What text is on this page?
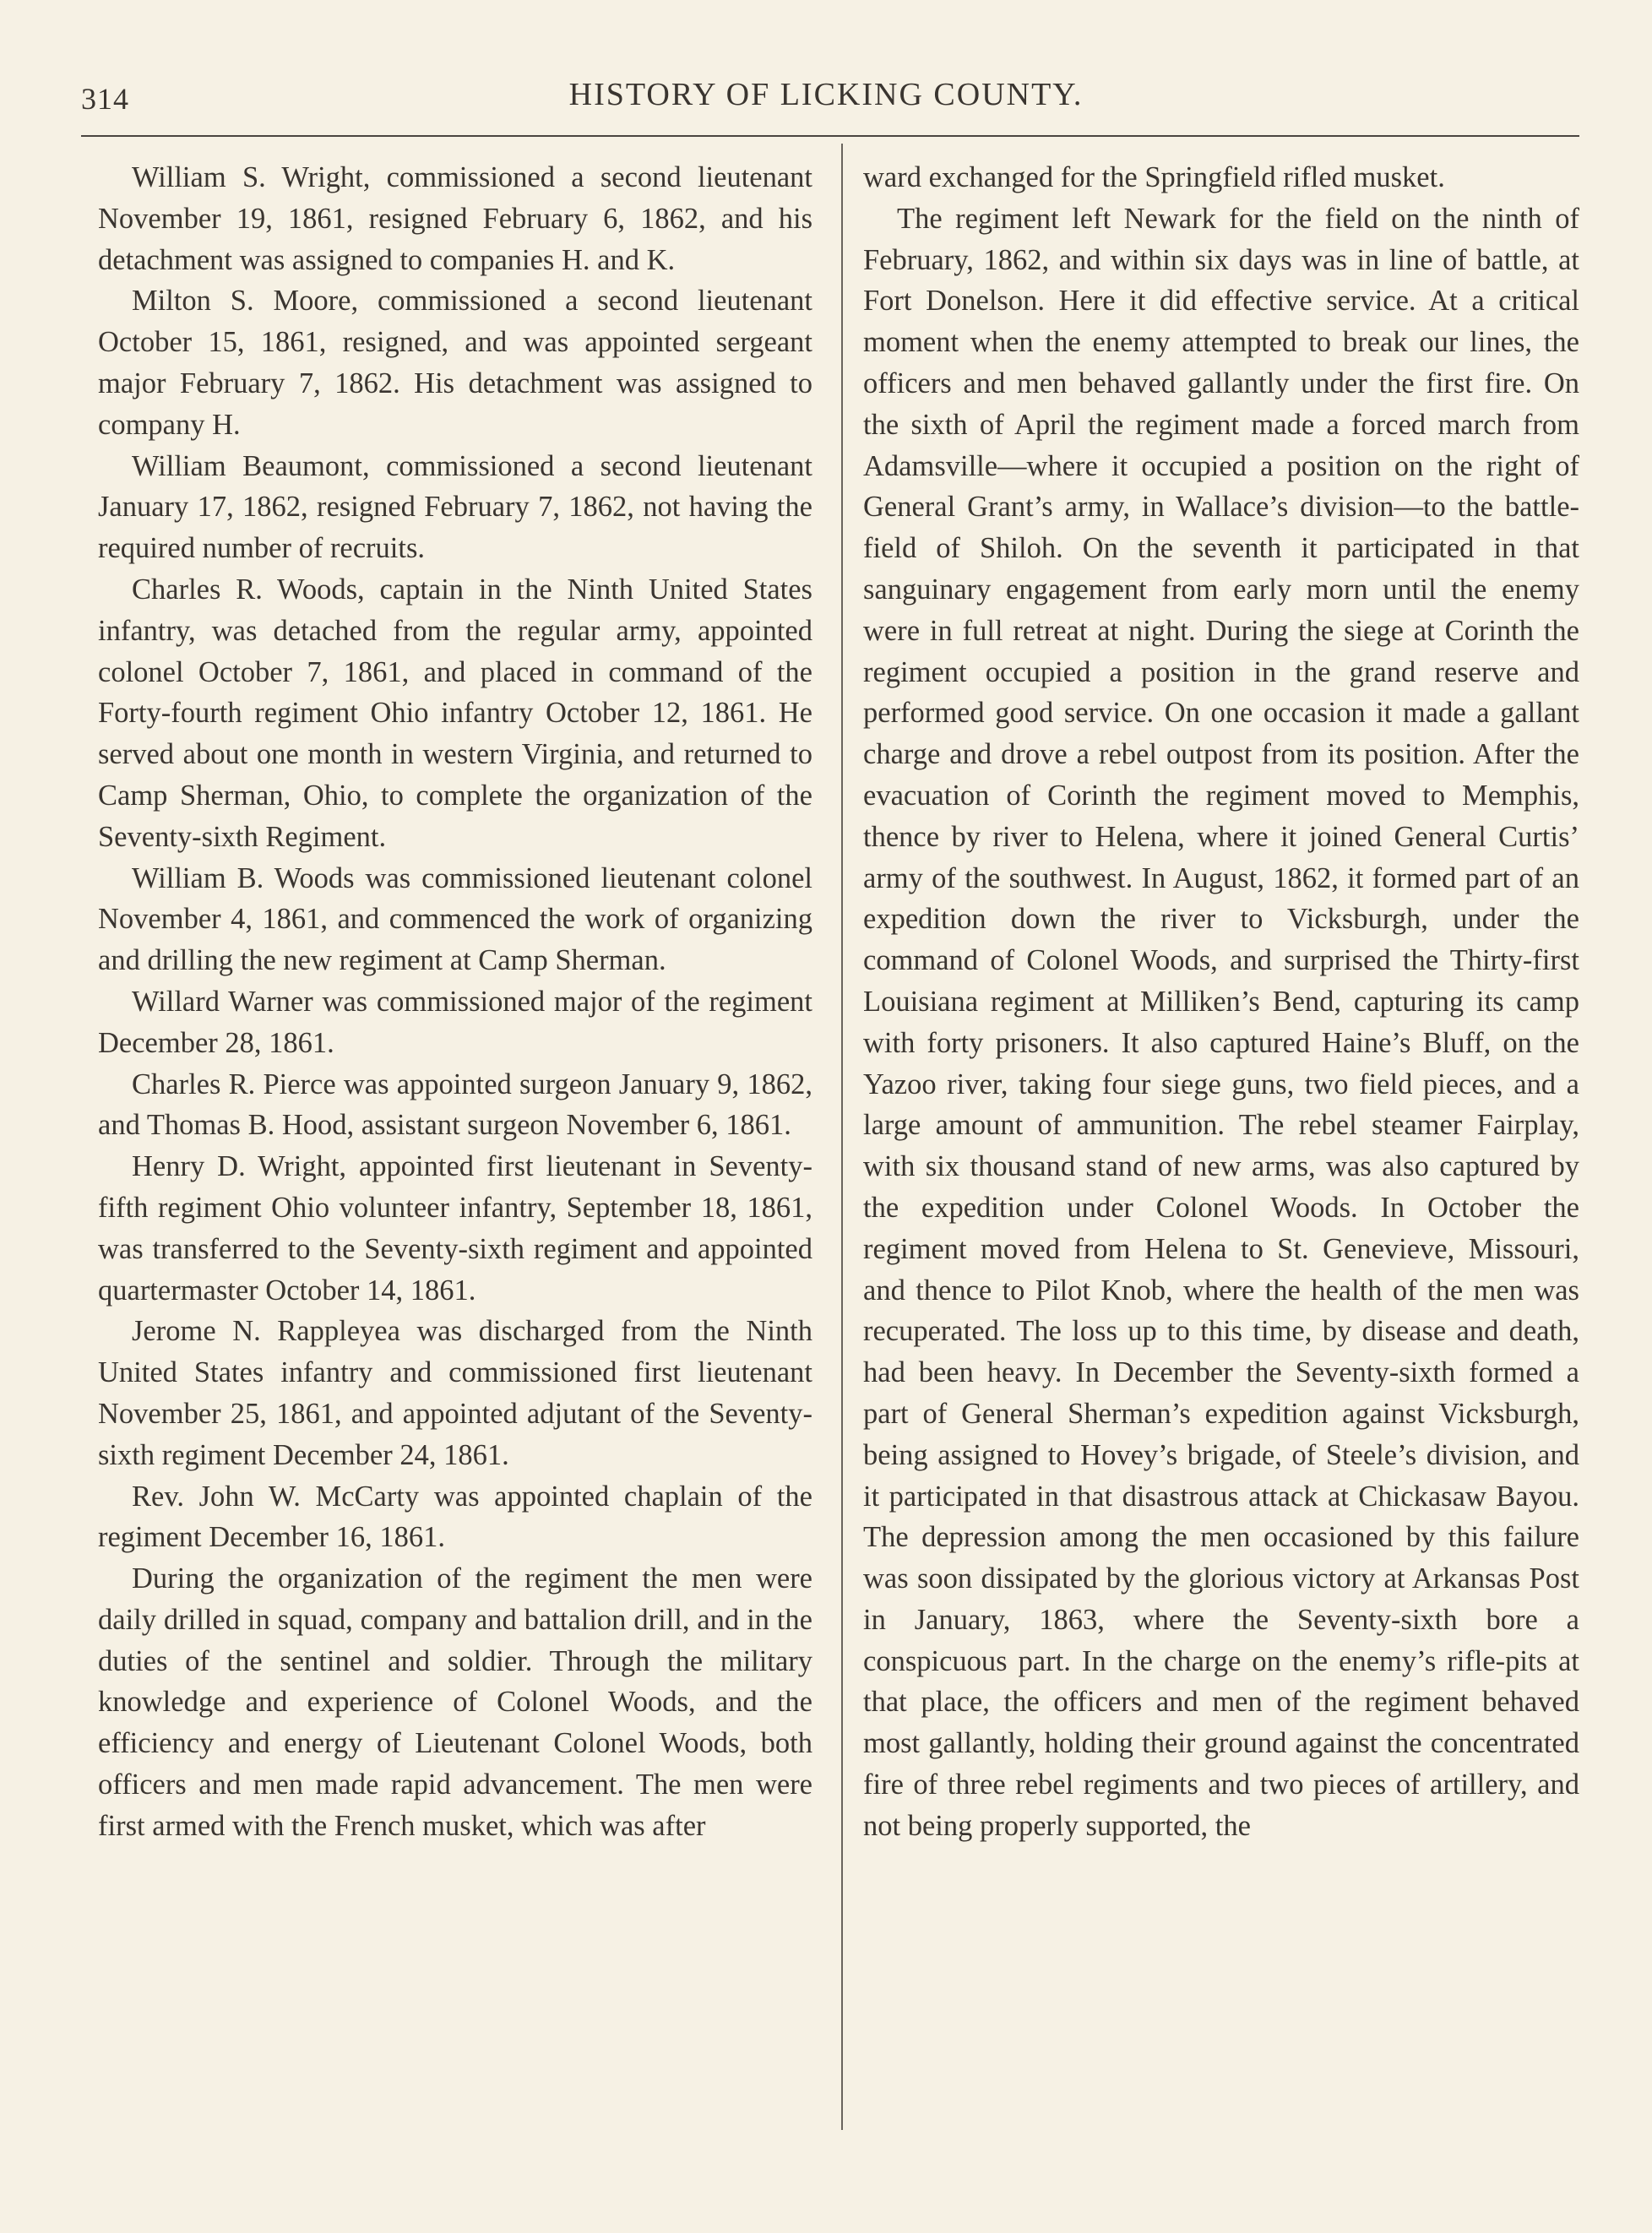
314	HISTORY OF LICKING COUNTY.

William S. Wright, commissioned a second lieutenant November 19, 1861, resigned February 6, 1862, and his detachment was assigned to companies H. and K.

Milton S. Moore, commissioned a second lieutenant October 15, 1861, resigned, and was appointed sergeant major February 7, 1862. His detachment was assigned to company H.

William Beaumont, commissioned a second lieutenant January 17, 1862, resigned February 7, 1862, not having the required number of recruits.

Charles R. Woods, captain in the Ninth United States infantry, was detached from the regular army, appointed colonel October 7, 1861, and placed in command of the Forty-fourth regiment Ohio infantry October 12, 1861. He served about one month in western Virginia, and returned to Camp Sherman, Ohio, to complete the organization of the Seventy-sixth Regiment.

William B. Woods was commissioned lieutenant colonel November 4, 1861, and commenced the work of organizing and drilling the new regiment at Camp Sherman.

Willard Warner was commissioned major of the regiment December 28, 1861.

Charles R. Pierce was appointed surgeon January 9, 1862, and Thomas B. Hood, assistant surgeon November 6, 1861.

Henry D. Wright, appointed first lieutenant in Seventy-fifth regiment Ohio volunteer infantry, September 18, 1861, was transferred to the Seventy-sixth regiment and appointed quartermaster October 14, 1861.

Jerome N. Rappleyea was discharged from the Ninth United States infantry and commissioned first lieutenant November 25, 1861, and appointed adjutant of the Seventy-sixth regiment December 24, 1861.

Rev. John W. McCarty was appointed chaplain of the regiment December 16, 1861.

During the organization of the regiment the men were daily drilled in squad, company and battalion drill, and in the duties of the sentinel and soldier. Through the military knowledge and experience of Colonel Woods, and the efficiency and energy of Lieutenant Colonel Woods, both officers and men made rapid advancement. The men were first armed with the French musket, which was after

ward exchanged for the Springfield rifled musket.

The regiment left Newark for the field on the ninth of February, 1862, and within six days was in line of battle, at Fort Donelson. Here it did effective service. At a critical moment when the enemy attempted to break our lines, the officers and men behaved gallantly under the first fire. On the sixth of April the regiment made a forced march from Adamsville—where it occupied a position on the right of General Grant’s army, in Wallace’s division—to the battle-field of Shiloh. On the seventh it participated in that sanguinary engagement from early morn until the enemy were in full retreat at night. During the siege at Corinth the regiment occupied a position in the grand reserve and performed good service. On one occasion it made a gallant charge and drove a rebel outpost from its position. After the evacuation of Corinth the regiment moved to Memphis, thence by river to Helena, where it joined General Curtis’ army of the southwest. In August, 1862, it formed part of an expedition down the river to Vicksburgh, under the command of Colonel Woods, and surprised the Thirty-first Louisiana regiment at Milliken’s Bend, capturing its camp with forty prisoners. It also captured Haine’s Bluff, on the Yazoo river, taking four siege guns, two field pieces, and a large amount of ammunition. The rebel steamer Fairplay, with six thousand stand of new arms, was also captured by the expedition under Colonel Woods. In October the regiment moved from Helena to St. Genevieve, Missouri, and thence to Pilot Knob, where the health of the men was recuperated. The loss up to this time, by disease and death, had been heavy. In December the Seventy-sixth formed a part of General Sherman’s expedition against Vicksburgh, being assigned to Hovey’s brigade, of Steele’s division, and it participated in that disastrous attack at Chickasaw Bayou. The depression among the men occasioned by this failure was soon dissipated by the glorious victory at Arkansas Post in January, 1863, where the Seventy-sixth bore a conspicuous part. In the charge on the enemy’s rifle-pits at that place, the officers and men of the regiment behaved most gallantly, holding their ground against the concentrated fire of three rebel regiments and two pieces of artillery, and not being properly supported, the
